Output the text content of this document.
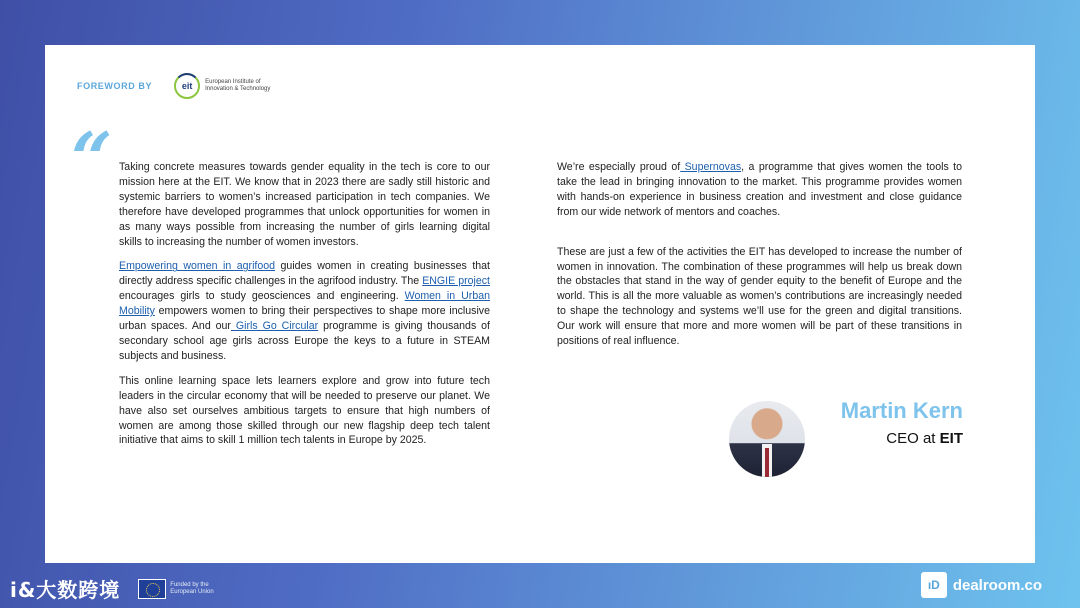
FOREWORD BY	eit	European Institute of
Innovation & Technology
“ Taking concrete measures towards gender equality in the tech is core to our mission here at the EIT. We know that in 2023 there are sadly still historic and systemic barriers to women’s increased participation in tech companies. We therefore have developed programmes that unlock opportunities for women in as many ways possible from increasing the number of girls learning digital skills to increasing the number of women investors.

Empowering women in agrifood guides women in creating businesses that directly address specific challenges in the agrifood industry. The ENGIE project encourages girls to study geosciences and engineering. Women in Urban Mobility empowers women to bring their perspectives to shape more inclusive urban spaces. And our Girls Go Circular programme is giving thousands of secondary school age girls across Europe the keys to a future in STEAM subjects and business.

This online learning space lets learners explore and grow into future tech leaders in the circular economy that will be needed to preserve our planet. We have also set ourselves ambitious targets to ensure that high numbers of women are among those skilled through our new flagship deep tech talent initiative that aims to skill 1 million tech talents in Europe by 2025.

We’re especially proud of Supernovas, a programme that gives women the tools to take the lead in bringing innovation to the market. This programme provides women with hands-on experience in business creation and investment and close guidance from our wide network of mentors and coaches.

These are just a few of the activities the EIT has developed to increase the number of women in innovation. The combination of these programmes will help us break down the obstacles that stand in the way of gender equity to the benefit of Europe and the world. This is all the more valuable as women’s contributions are increasingly needed to shape the technology and systems we’ll use for the green and digital transitions. Our work will ensure that more and more women will be part of these transitions in positions of real influence.

Martin Kern
CEO at EIT
i&大数跨境	Funded by the
European Union	ıD dealroom.co
